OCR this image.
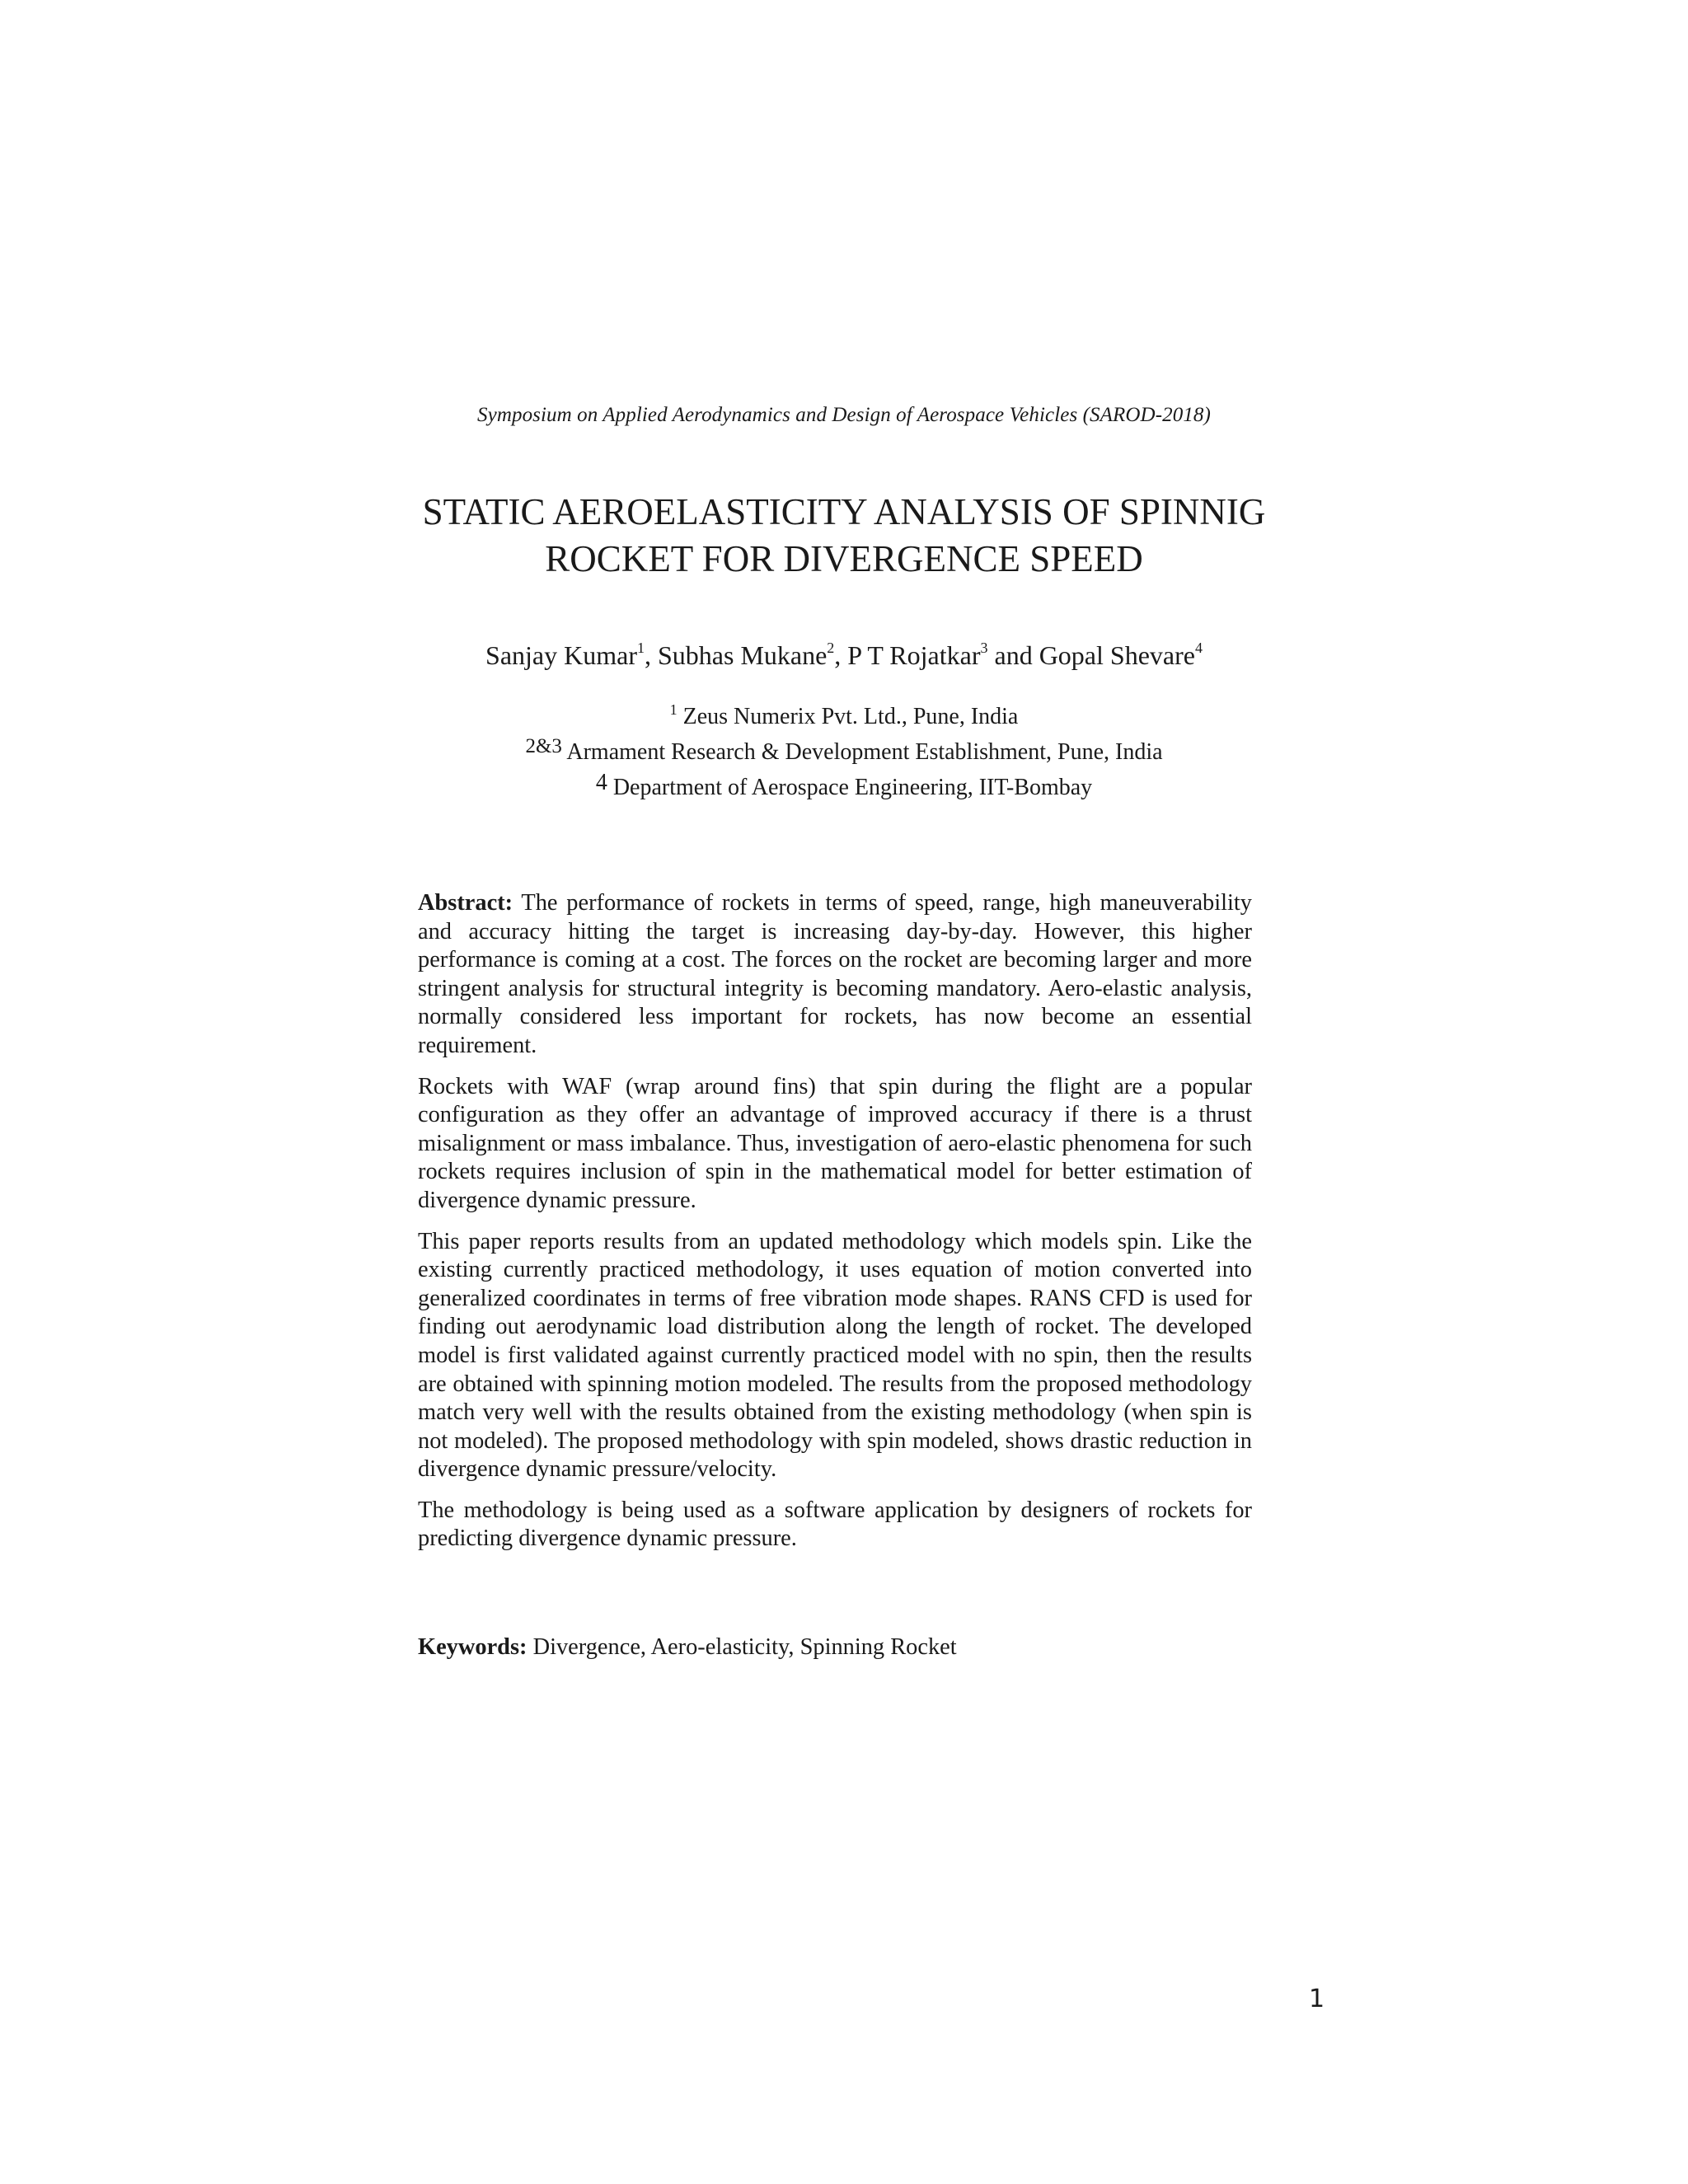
Symposium on Applied Aerodynamics and Design of Aerospace Vehicles (SAROD-2018)
STATIC AEROELASTICITY ANALYSIS OF SPINNIG
ROCKET FOR DIVERGENCE SPEED
Sanjay Kumar$^1$, Subhas Mukane$^2$, P T Rojatkar$^3$ and Gopal Shevare$^4$
$^1$ Zeus Numerix Pvt. Ltd., Pune, India
2&3 Armament Research & Development Establishment, Pune, India
4 Department of Aerospace Engineering, IIT-Bombay

Abstract: The performance of rockets in terms of speed, range, high maneuverability and accuracy hitting the target is increasing day-by-day. However, this higher performance is coming at a cost. The forces on the rocket are becoming larger and more stringent analysis for structural integrity is becoming mandatory. Aero-elastic analysis, normally considered less important for rockets, has now become an essential requirement.

Rockets with WAF (wrap around fins) that spin during the flight are a popular configuration as they offer an advantage of improved accuracy if there is a thrust misalignment or mass imbalance. Thus, investigation of aero-elastic phenomena for such rockets requires inclusion of spin in the mathematical model for better estimation of divergence dynamic pressure.

This paper reports results from an updated methodology which models spin. Like the existing currently practiced methodology, it uses equation of motion converted into generalized coordinates in terms of free vibration mode shapes. RANS CFD is used for finding out aerodynamic load distribution along the length of rocket. The developed model is first validated against currently practiced model with no spin, then the results are obtained with spinning motion modeled. The results from the proposed methodology match very well with the results obtained from the existing methodology (when spin is not modeled). The proposed methodology with spin modeled, shows drastic reduction in divergence dynamic pressure/velocity.

The methodology is being used as a software application by designers of rockets for predicting divergence dynamic pressure.

Keywords: Divergence, Aero-elasticity, Spinning Rocket
1
